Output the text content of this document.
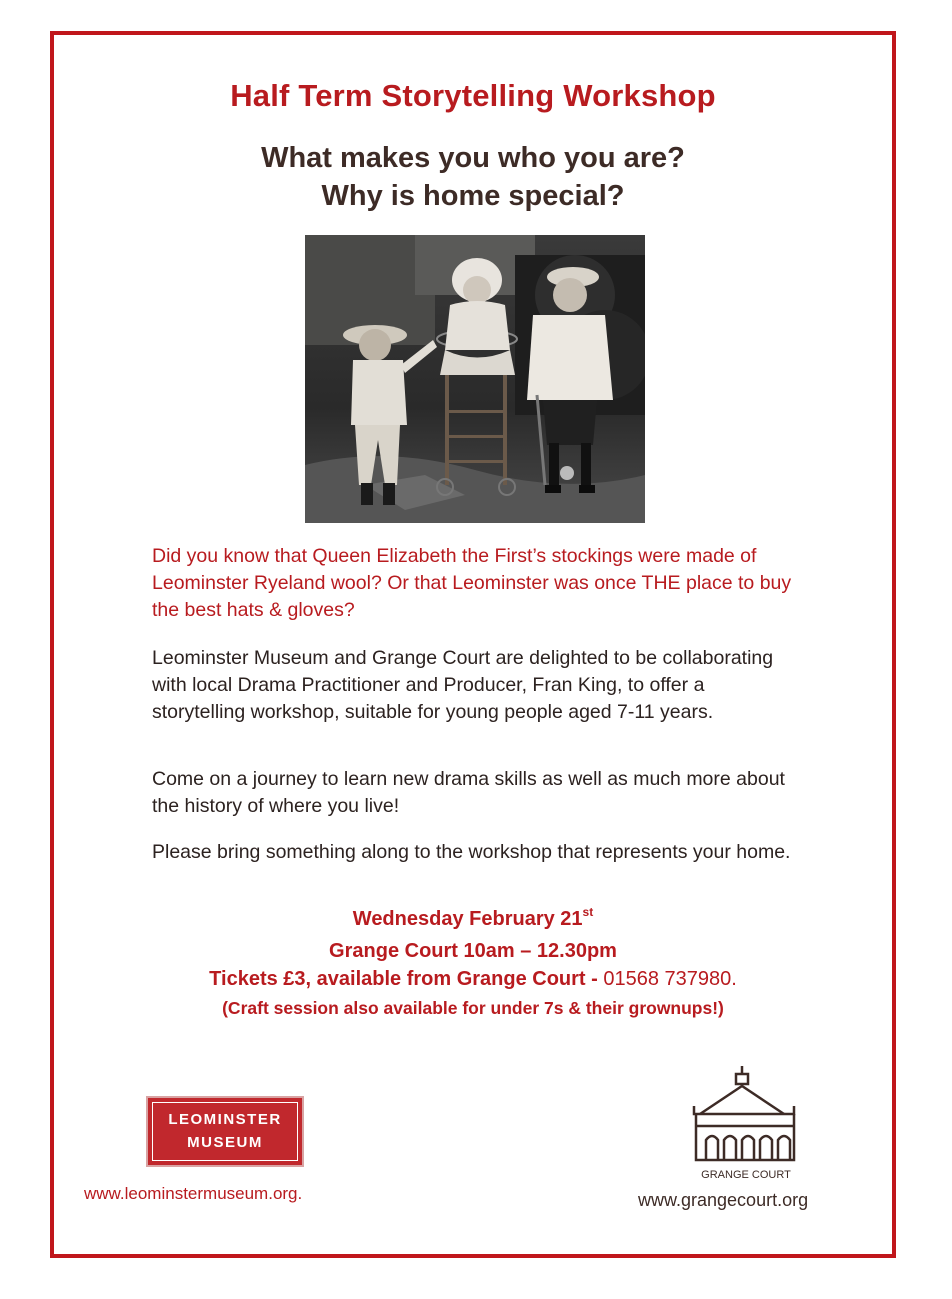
Half Term Storytelling Workshop
What makes you who you are?
Why is home special?
Did you know that Queen Elizabeth the First’s stockings were made of Leominster Ryeland wool? Or that Leominster was once THE place to buy the best hats & gloves?
Leominster Museum and Grange Court are delighted to be collaborating with local Drama Practitioner and Producer, Fran King, to offer a storytelling workshop, suitable for young people aged 7-11 years.
Come on a journey to learn new drama skills as well as much more about the history of where you live!
Please bring something along to the workshop that represents your home.
Wednesday February 21st
Grange Court 10am – 12.30pm
Tickets £3, available from Grange Court - 01568 737980.
(Craft session also available for under 7s & their grownups!)
LEOMINSTER
MUSEUM
www.leominstermuseum.org.
GRANGE COURT
www.grangecourt.org
